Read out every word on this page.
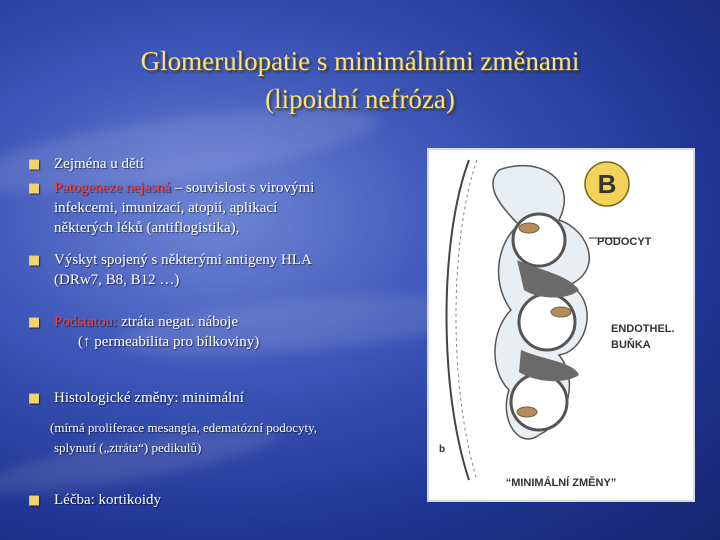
Glomerulopatie s minimálními změnami
(lipoidní nefróza)
■ Zejména u dětí
■ Patogeneze nejasná – souvislost s virovými
infekcemi, imunizací, atopií, aplikací
některých léků (antiflogistika),
■ Výskyt spojený s některými antigeny HLA
(DRw7, B8, B12 …)
■ Podstatou: ztráta negat. náboje
(↑ permeabilita pro bílkoviny)
■ Histologické změny: minimální
(mírná proliferace mesangia, edematózní podocyty,
splynutí („ztráta“) pedikulů)
■ Léčba: kortikoidy
B
PODOCYT
ENDOTHEL.
BUŇKA
b
“MINIMÁLNÍ ZMĚNY”
